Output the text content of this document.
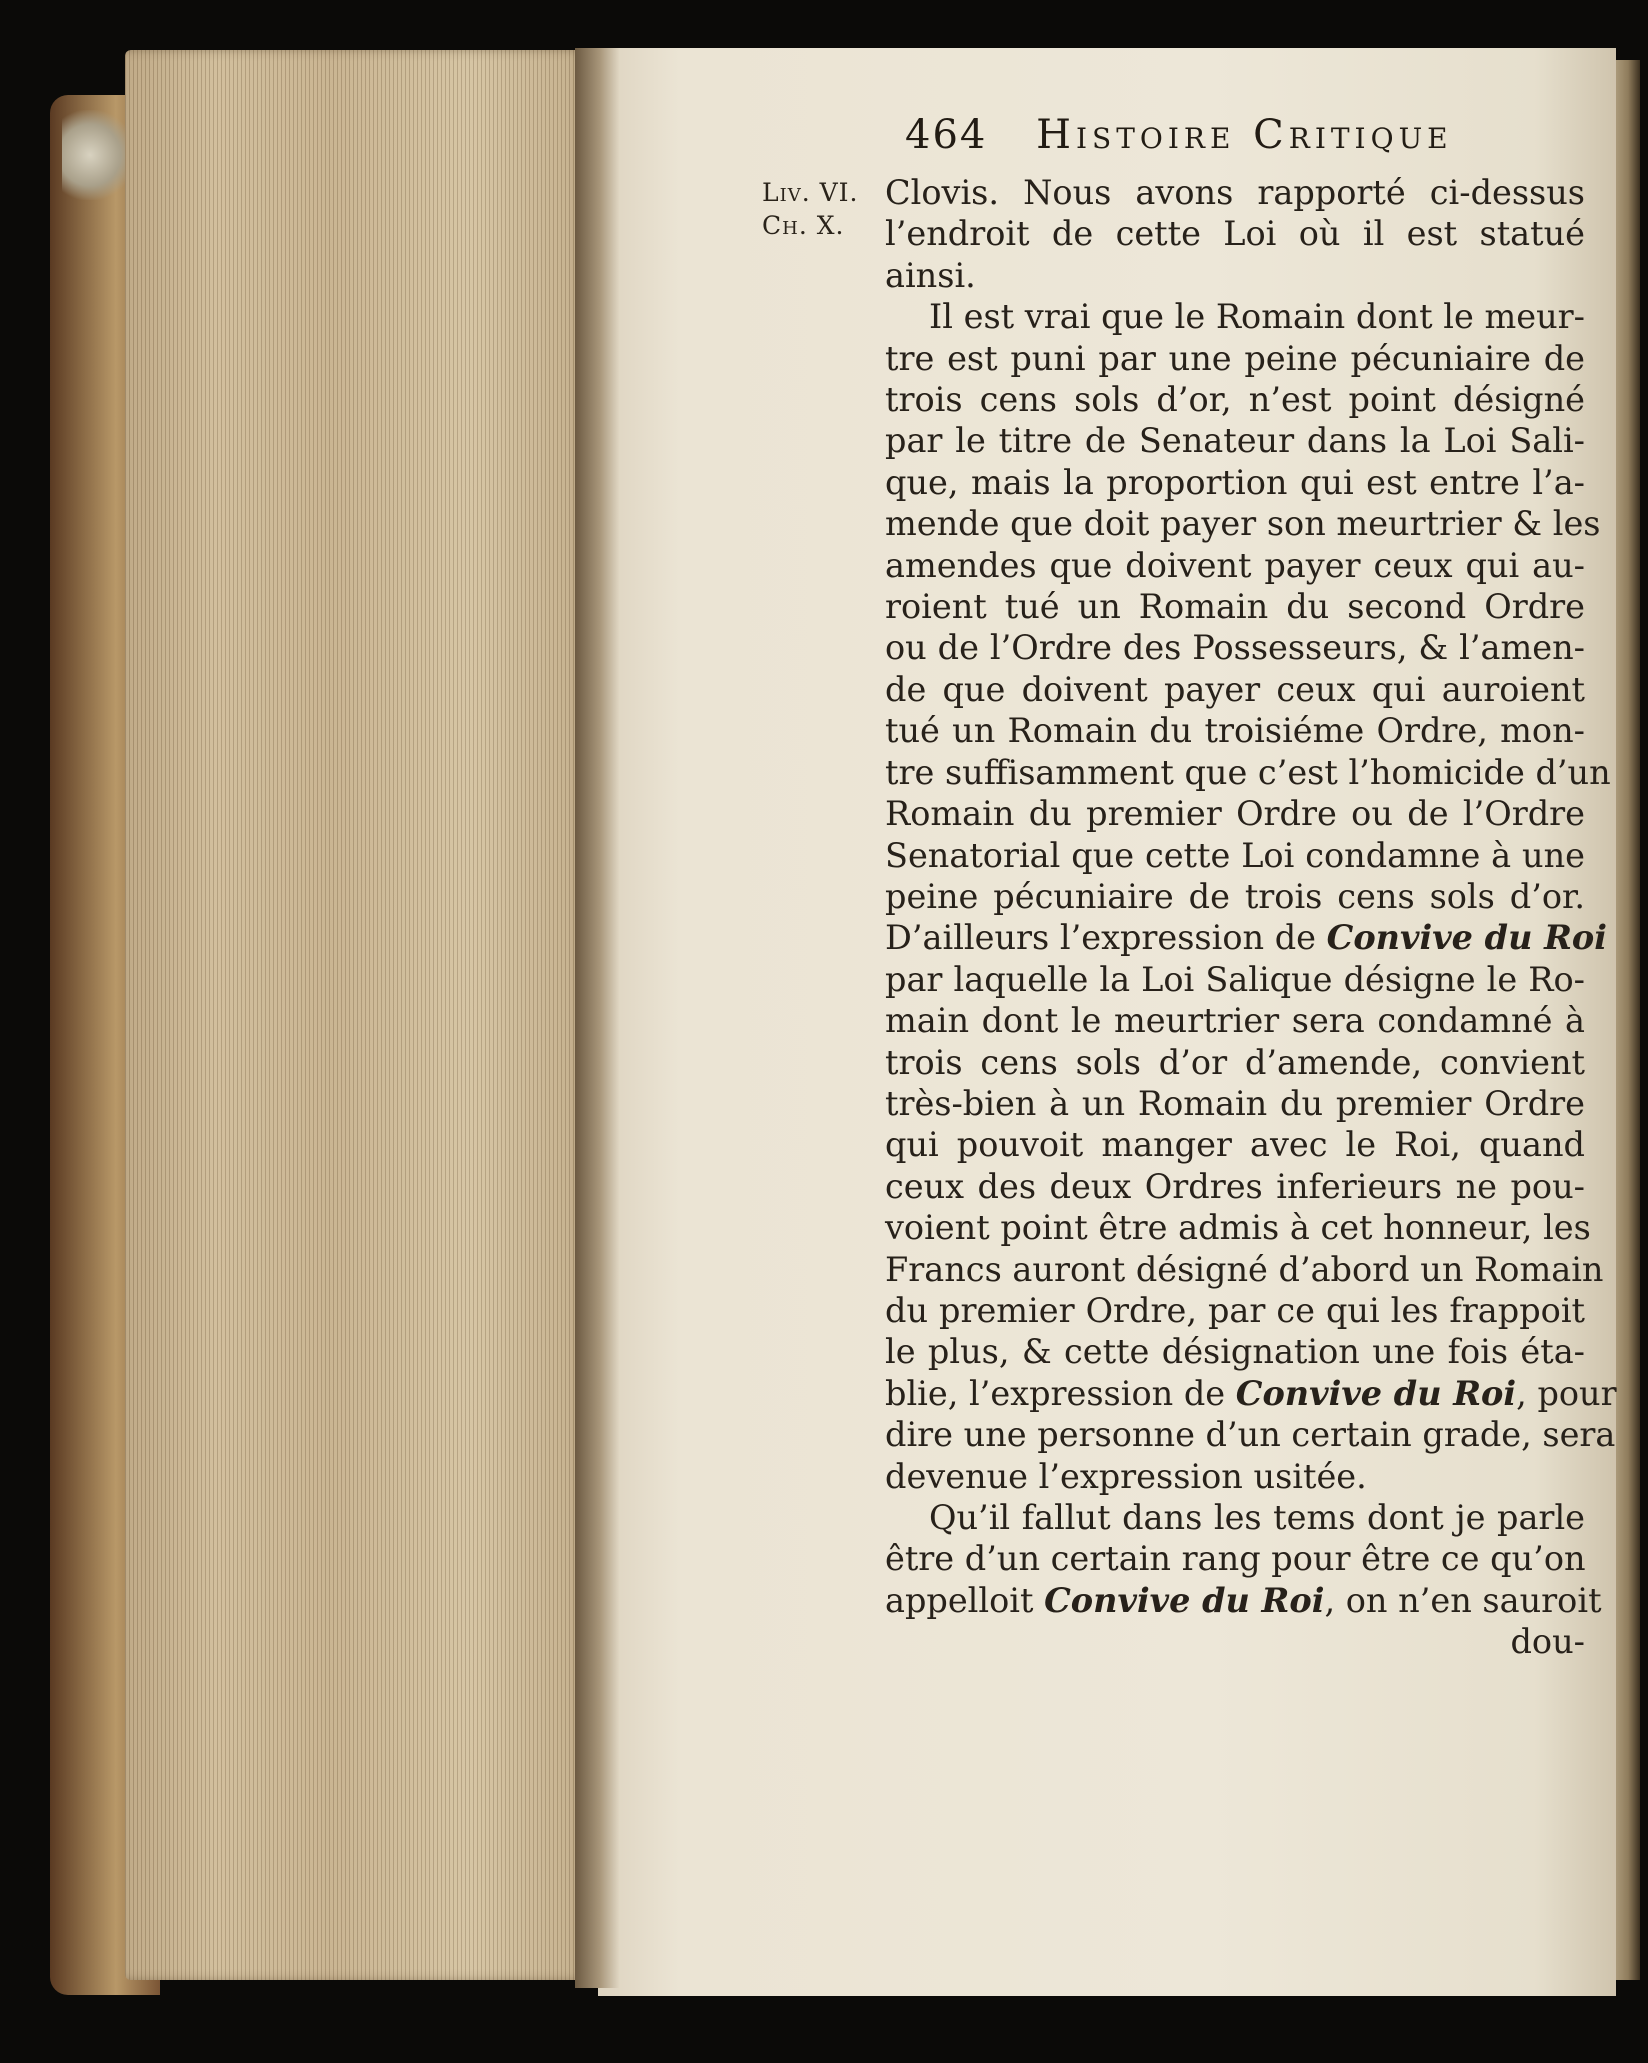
464 Histoire Critique
Liv. VI.
Ch. X.
Clovis. Nous avons rapporté ci-dessus
l’endroit de cette Loi où il est statué
ainsi.
Il est vrai que le Romain dont le meur-
tre est puni par une peine pécuniaire de
trois cens sols d’or, n’est point désigné
par le titre de Senateur dans la Loi Sali-
que, mais la proportion qui est entre l’a-
mende que doit payer son meurtrier & les
amendes que doivent payer ceux qui au-
roient tué un Romain du second Ordre
ou de l’Ordre des Possesseurs, & l’amen-
de que doivent payer ceux qui auroient
tué un Romain du troisiéme Ordre, mon-
tre suffisamment que c’est l’homicide d’un
Romain du premier Ordre ou de l’Ordre
Senatorial que cette Loi condamne à une
peine pécuniaire de trois cens sols d’or.
D’ailleurs l’expression de Convive du Roi
par laquelle la Loi Salique désigne le Ro-
main dont le meurtrier sera condamné à
trois cens sols d’or d’amende, convient
très-bien à un Romain du premier Ordre
qui pouvoit manger avec le Roi, quand
ceux des deux Ordres inferieurs ne pou-
voient point être admis à cet honneur, les
Francs auront désigné d’abord un Romain
du premier Ordre, par ce qui les frappoit
le plus, & cette désignation une fois éta-
blie, l’expression de Convive du Roi, pour
dire une personne d’un certain grade, sera
devenue l’expression usitée.
Qu’il fallut dans les tems dont je parle
être d’un certain rang pour être ce qu’on
appelloit Convive du Roi, on n’en sauroit
dou-
